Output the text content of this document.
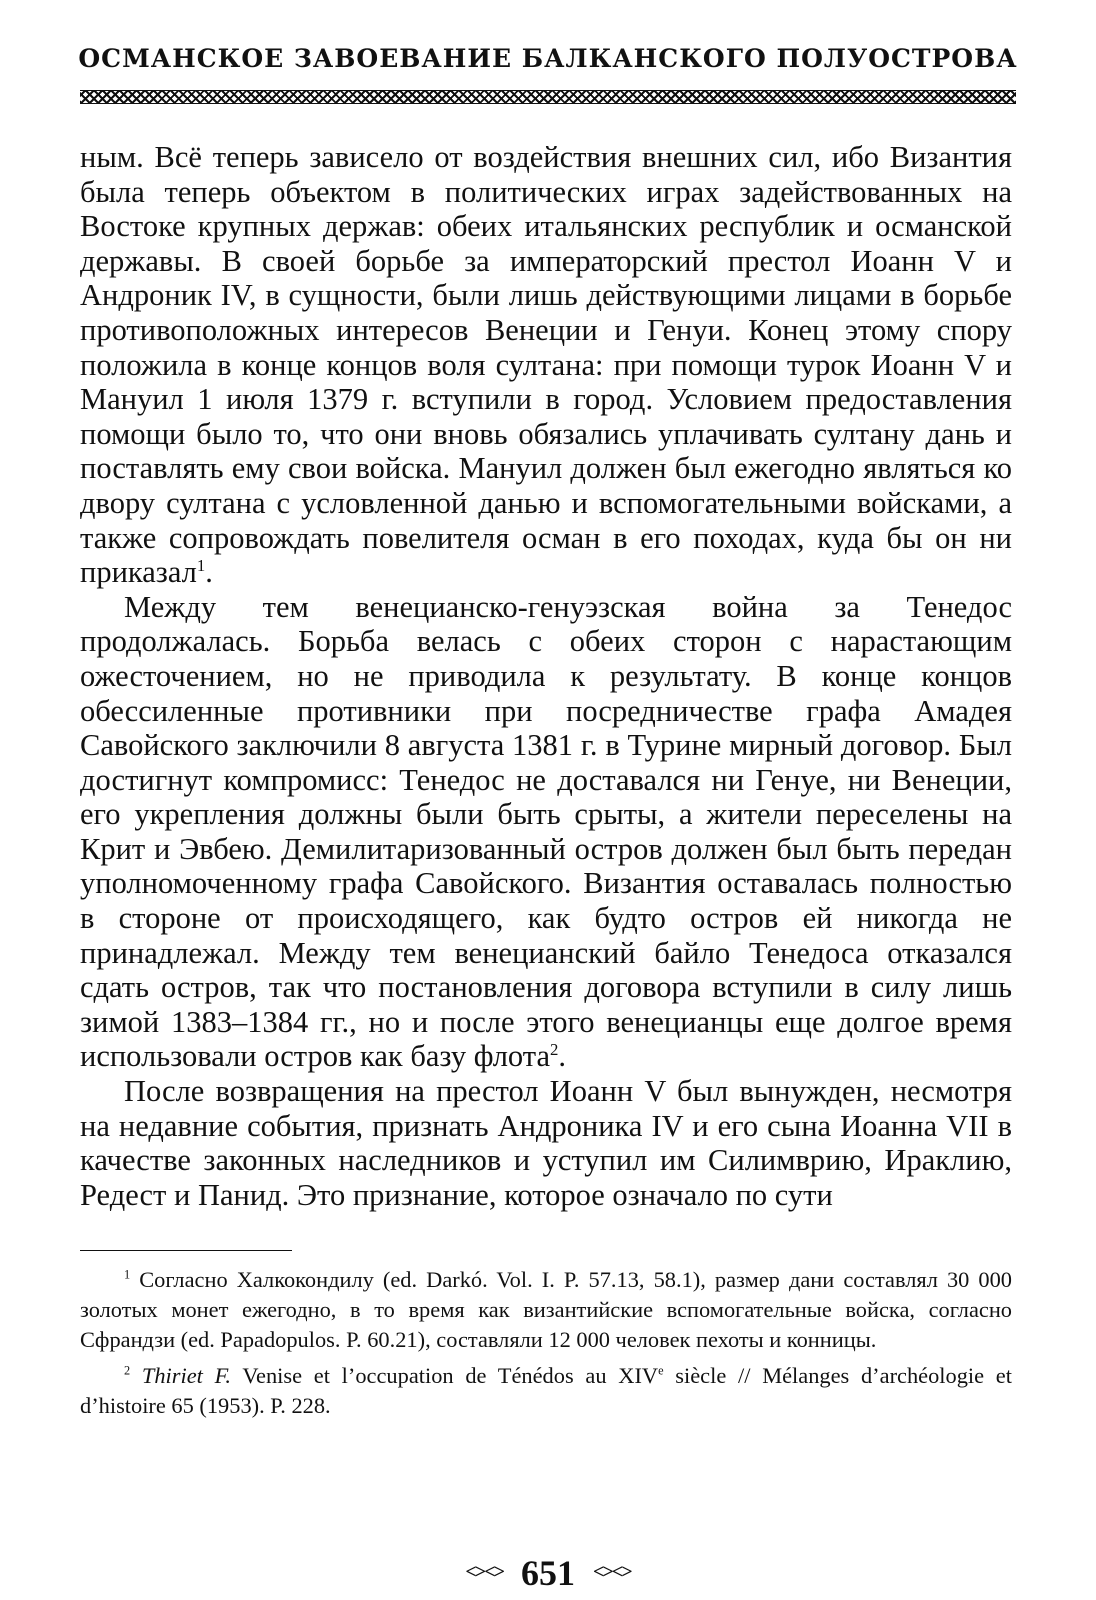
ОСМАНСКОЕ ЗАВОЕВАНИЕ БАЛКАНСКОГО ПОЛУОСТРОВА

ным. Всё теперь зависело от воздействия внешних сил, ибо Византия была теперь объектом в политических играх задействованных на Востоке крупных держав: обеих итальянских республик и османской державы. В своей борьбе за императорский престол Иоанн V и Андроник IV, в сущности, были лишь действующими лицами в борьбе противоположных интересов Венеции и Генуи. Конец этому спору положила в конце концов воля султана: при помощи турок Иоанн V и Мануил 1 июля 1379 г. вступили в город. Условием предоставления помощи было то, что они вновь обязались уплачивать султану дань и поставлять ему свои войска. Мануил должен был ежегодно являться ко двору султана с условленной данью и вспомогательными войсками, а также сопровождать повелителя осман в его походах, куда бы он ни приказал$^1$.

Между тем венецианско-генуэзская война за Тенедос продолжалась. Борьба велась с обеих сторон с нарастающим ожесточением, но не приводила к результату. В конце концов обессиленные противники при посредничестве графа Амадея Савойского заключили 8 августа 1381 г. в Турине мирный договор. Был достигнут компромисс: Тенедос не доставался ни Генуе, ни Венеции, его укрепления должны были быть срыты, а жители переселены на Крит и Эвбею. Демилитаризованный остров должен был быть передан уполномоченному графа Савойского. Византия оставалась полностью в стороне от происходящего, как будто остров ей никогда не принадлежал. Между тем венецианский байло Тенедоса отказался сдать остров, так что постановления договора вступили в силу лишь зимой 1383–1384 гг., но и после этого венецианцы еще долгое время использовали остров как базу флота$^2$.

После возвращения на престол Иоанн V был вынужден, несмотря на недавние события, признать Андроника IV и его сына Иоанна VII в качестве законных наследников и уступил им Силимврию, Ираклию, Редест и Панид. Это признание, которое означало по сути

$^1$ Согласно Халкокондилу (ed. Darkó. Vol. I. P. 57.13, 58.1), размер дани составлял 30 000 золотых монет ежегодно, в то время как византийские вспомогательные войска, согласно Сфрандзи (ed. Papadopulos. P. 60.21), составляли 12 000 человек пехоты и конницы.

$^2$ Thiriet F. Venise et l’occupation de Ténédos au XIVe siècle // Mélanges d’archéologie et d’histoire 65 (1953). P. 228.

<><> 651 <><>
